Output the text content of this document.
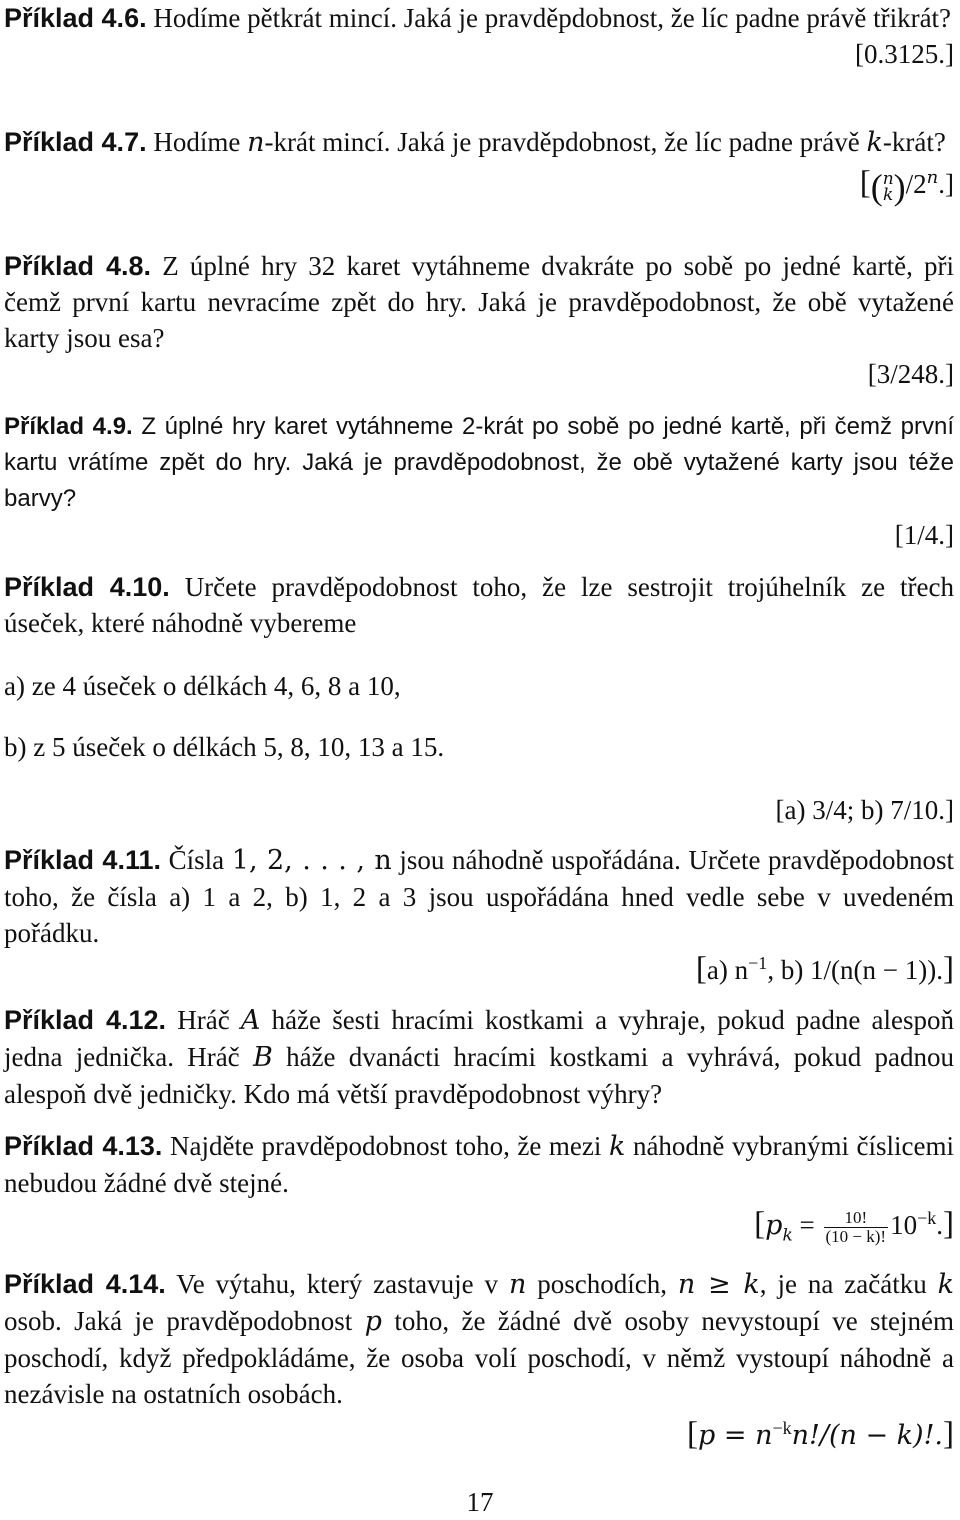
Příklad 4.6. Hodíme pětkrát mincí. Jaká je pravděpdobnost, že líc padne právě třikrát?

[0.3125.]

Příklad 4.7. Hodíme n-krát mincí. Jaká je pravděpdobnost, že líc padne právě k-krát?

[( n
k )/2$^n$.]

Příklad 4.8. Z úplné hry 32 karet vytáhneme dvakráte po sobě po jedné kartě, při čemž první kartu nevracíme zpět do hry. Jaká je pravděpodobnost, že obě vytažené karty jsou esa?

[3/248.]

Příklad 4.9. Z úplné hry karet vytáhneme 2-krát po sobě po jedné kartě, při čemž první kartu vrátíme zpět do hry. Jaká je pravděpodobnost, že obě vytažené karty jsou téže barvy?

[1/4.]

Příklad 4.10. Určete pravděpodobnost toho, že lze sestrojit trojúhelník ze třech úseček, které náhodně vybereme

a) ze 4 úseček o délkách 4, 6, 8 a 10,
b) z 5 úseček o délkách 5, 8, 10, 13 a 15.

[a) 3/4; b) 7/10.]

Příklad 4.11. Čísla 1, 2, . . . , n jsou náhodně uspořádána. Určete pravděpodobnost toho, že čísla a) 1 a 2, b) 1, 2 a 3 jsou uspořádána hned vedle sebe v uvedeném pořádku.

[a) $n^{-1}$, b) 1/(n(n − 1)).]

Příklad 4.12. Hráč A háže šesti hracími kostkami a vyhraje, pokud padne alespoň jedna jednička. Hráč B háže dvanácti hracími kostkami a vyhrává, pokud padnou alespoň dvě jedničky. Kdo má větší pravděpodobnost výhry?

Příklad 4.13. Najděte pravděpodobnost toho, že mezi k náhodně vybranými číslicemi nebudou žádné dvě stejné.

$[p_k = \frac{10!}{(10 - k)!} 10^{-k}.]$

Příklad 4.14. Ve výtahu, který zastavuje v n poschodích, n ≥ k, je na začátku k osob. Jaká je pravděpodobnost p toho, že žádné dvě osoby nevystoupí ve stejném poschodí, když předpokládáme, že osoba volí poschodí, v němž vystoupí náhodně a nezávisle na ostatních osobách.

$[p = n^{-k}n!/(n - k)!.]$

17
